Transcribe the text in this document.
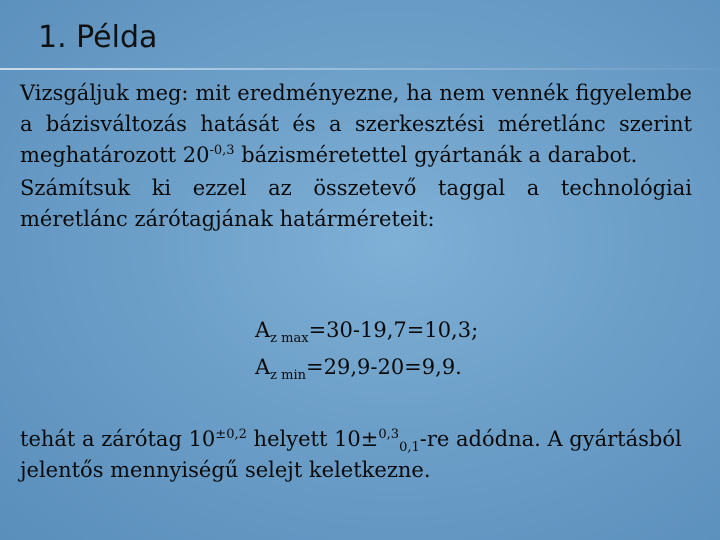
1. Példa

Vizsgáljuk meg: mit eredményezne, ha nem vennék figyelembe a bázisváltozás hatását és a szerkesztési méretlánc szerint meghatározott $20^{-0,3}$ bázisméretettel gyártanák a darabot.

Számítsuk ki ezzel az összetevő taggal a technológiai méretlánc zárótagjának határméreteit:

$A_{z max}=30-19,7=10,3$;
$A_{z min}=29,9-20=9,9$.

tehát a zárótag $10^{\pm 0,2}$ helyett 10±$^{0,3}_{0,1}$-re adódna. A gyártásból

jelentős mennyiségű selejt keletkezne.
